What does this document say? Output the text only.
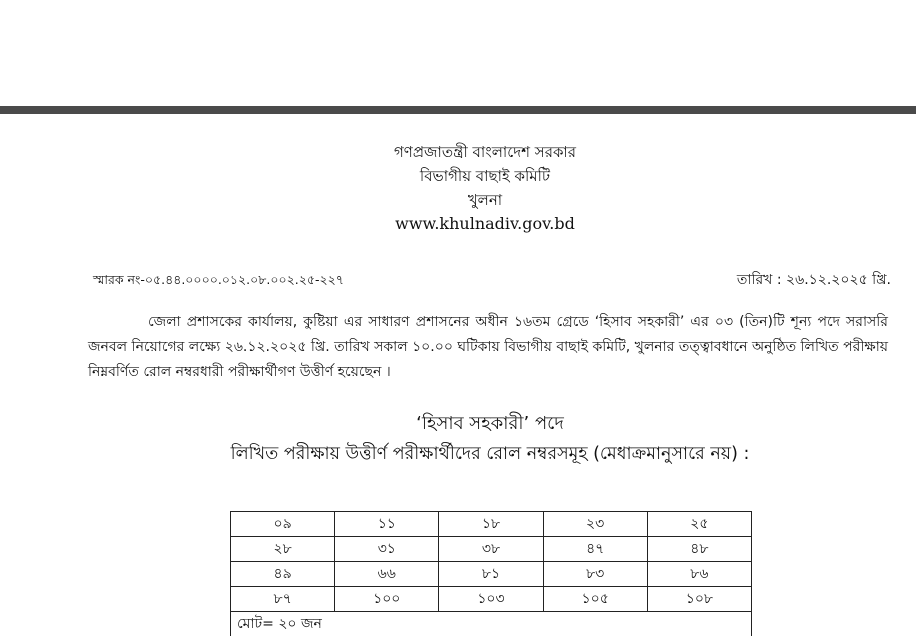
গণপ্রজাতন্ত্রী বাংলাদেশ সরকার
বিভাগীয় বাছাই কমিটি
খুলনা
www.khulnadiv.gov.bd
স্মারক নং-০৫.৪৪.০০০০.০১২.০৮.০০২.২৫-২২৭	তারিখ : ২৬.১২.২০২৫ খ্রি.
জেলা প্রশাসকের কার্যালয়, কুষ্টিয়া এর সাধারণ প্রশাসনের অধীন ১৬তম গ্রেডে ‘হিসাব সহকারী’ এর ০৩ (তিন)টি শূন্য পদে সরাসরি জনবল নিয়োগের লক্ষ্যে ২৬.১২.২০২৫ খ্রি. তারিখ সকাল ১০.০০ ঘটিকায় বিভাগীয় বাছাই কমিটি, খুলনার তত্ত্বাবধানে অনুষ্ঠিত লিখিত পরীক্ষায় নিম্নবর্ণিত রোল নম্বরধারী পরীক্ষার্থীগণ উত্তীর্ণ হয়েছেন ।
‘হিসাব সহকারী’ পদে
লিখিত পরীক্ষায় উত্তীর্ণ পরীক্ষার্থীদের রোল নম্বরসমূহ (মেধাক্রমানুসারে নয়) :
০৯	১১	১৮	২৩	২৫
২৮	৩১	৩৮	৪৭	৪৮
৪৯	৬৬	৮১	৮৩	৮৬
৮৭	১০০	১০৩	১০৫	১০৮
মোট= ২০ জন				
